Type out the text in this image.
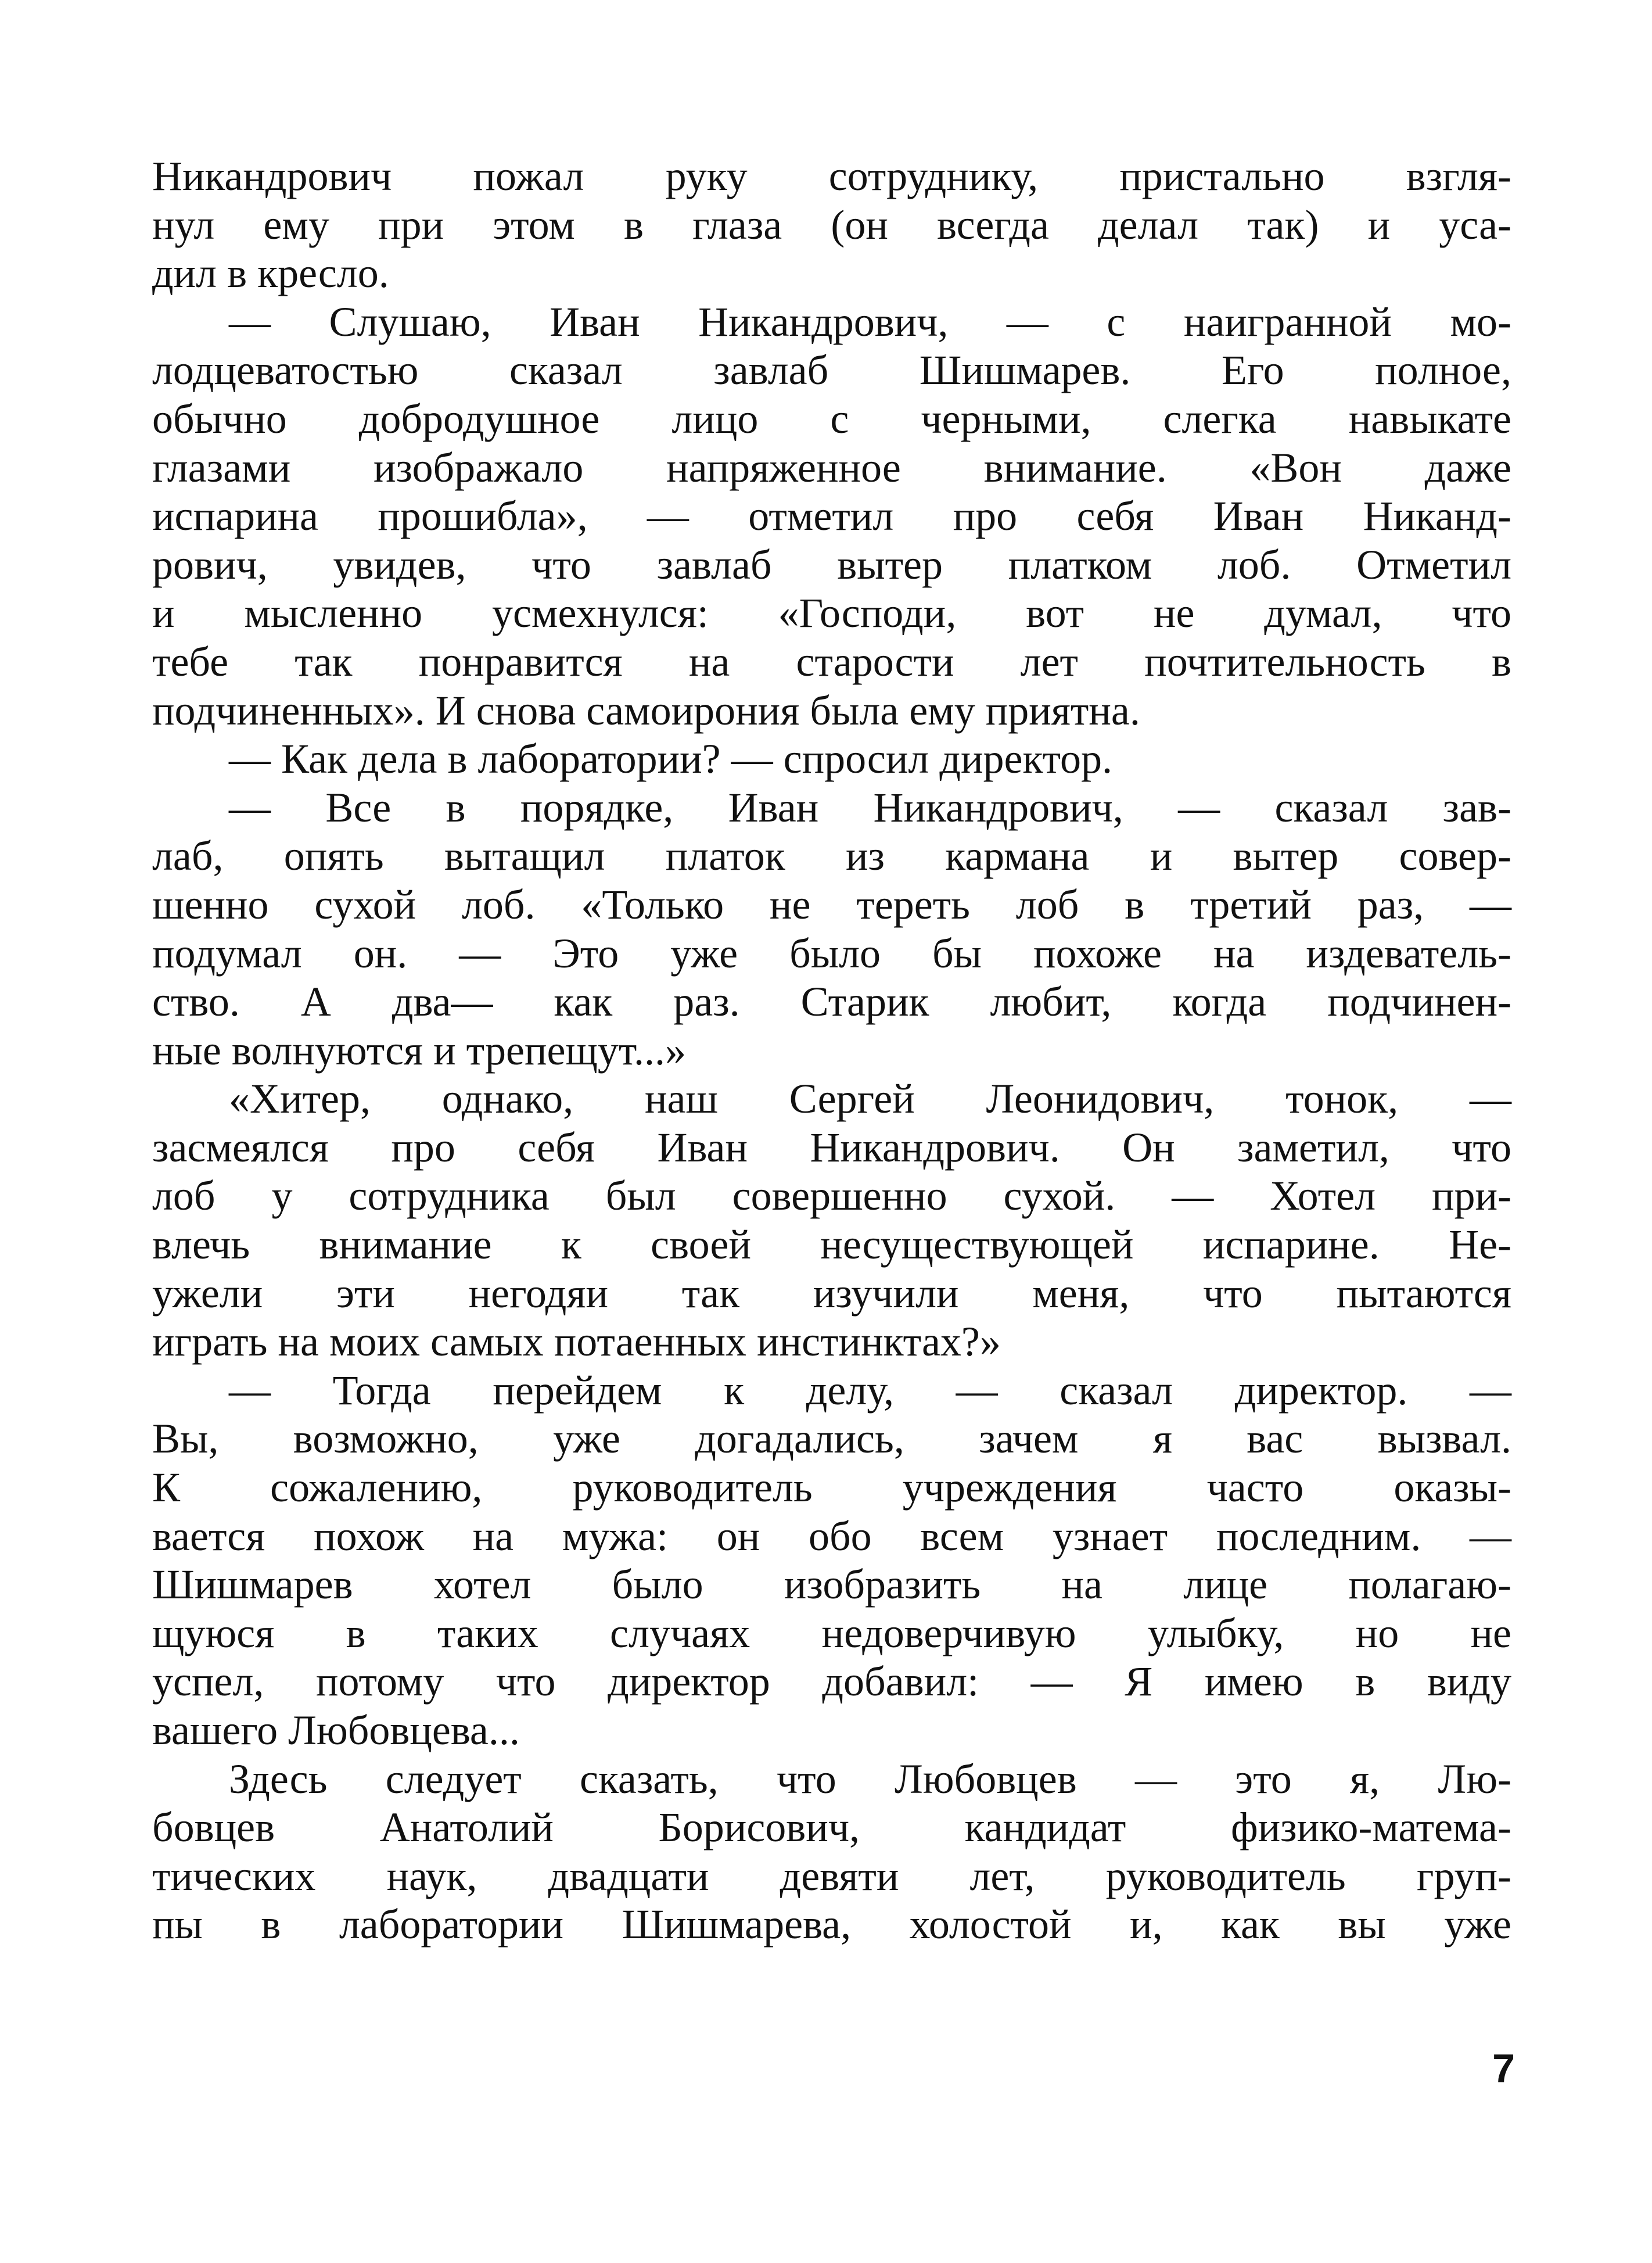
Никандрович пожал руку сотруднику, пристально взгля-
нул ему при этом в глаза (он всегда делал так) и уса-
дил в кресло.
— Слушаю, Иван Никандрович, — с наигранной мо-
лодцеватостью сказал завлаб Шишмарев. Его полное,
обычно добродушное лицо с черными, слегка навыкате
глазами изображало напряженное внимание. «Вон даже
испарина прошибла», — отметил про себя Иван Никанд-
рович, увидев, что завлаб вытер платком лоб. Отметил
и мысленно усмехнулся: «Господи, вот не думал, что
тебе так понравится на старости лет почтительность в
подчиненных». И снова самоирония была ему приятна.
— Как дела в лаборатории? — спросил директор.
— Все в порядке, Иван Никандрович, — сказал зав-
лаб, опять вытащил платок из кармана и вытер совер-
шенно сухой лоб. «Только не тереть лоб в третий раз, —
подумал он. — Это уже было бы похоже на издеватель-
ство. А два— как раз. Старик любит, когда подчинен-
ные волнуются и трепещут...»
«Хитер, однако, наш Сергей Леонидович, тонок, —
засмеялся про себя Иван Никандрович. Он заметил, что
лоб у сотрудника был совершенно сухой. — Хотел при-
влечь внимание к своей несуществующей испарине. Не-
ужели эти негодяи так изучили меня, что пытаются
играть на моих самых потаенных инстинктах?»
— Тогда перейдем к делу, — сказал директор. —
Вы, возможно, уже догадались, зачем я вас вызвал.
К сожалению, руководитель учреждения часто оказы-
вается похож на мужа: он обо всем узнает последним. —
Шишмарев хотел было изобразить на лице полагаю-
щуюся в таких случаях недоверчивую улыбку, но не
успел, потому что директор добавил: — Я имею в виду
вашего Любовцева...
Здесь следует сказать, что Любовцев — это я, Лю-
бовцев Анатолий Борисович, кандидат физико-матема-
тических наук, двадцати девяти лет, руководитель груп-
пы в лаборатории Шишмарева, холостой и, как вы уже
7
